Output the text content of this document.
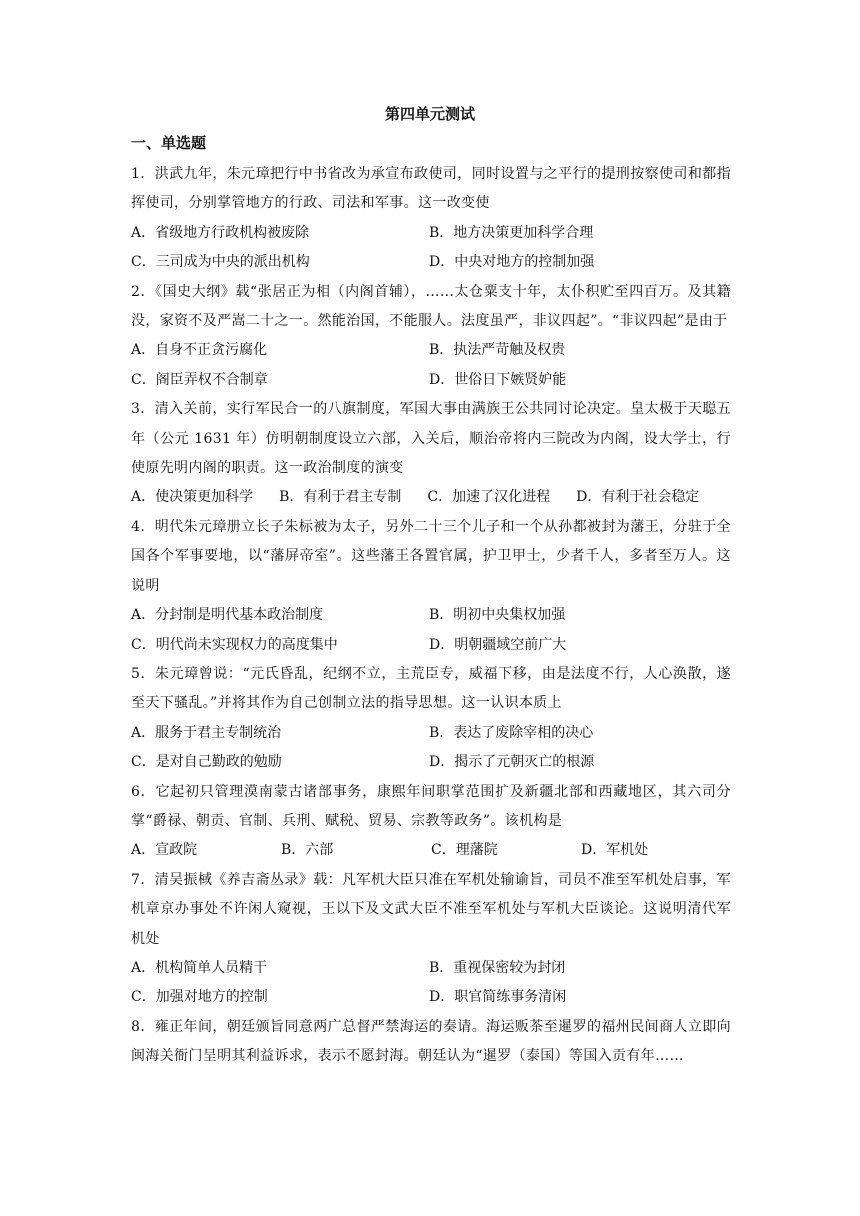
第四单元测试
一、单选题

1．洪武九年，朱元璋把行中书省改为承宣布政使司，同时设置与之平行的提刑按察使司和都指挥使司，分别掌管地方的行政、司法和军事。这一改变使

A．省级地方行政机构被废除	B．地方决策更加科学合理
C．三司成为中央的派出机构	D．中央对地方的控制加强

2．《国史大纲》载“张居正为相（内阁首辅），……太仓粟支十年，太仆积贮至四百万。及其籍没，家资不及严嵩二十之一。然能治国，不能服人。法度虽严，非议四起”。“非议四起”是由于

A．自身不正贪污腐化	B．执法严苛触及权贵
C．阁臣弄权不合制章	D．世俗日下嫉贤妒能

3．清入关前，实行军民合一的八旗制度，军国大事由满族王公共同讨论决定。皇太极于天聪五年（公元 1631 年）仿明朝制度设立六部，入关后，顺治帝将内三院改为内阁，设大学士，行使原先明内阁的职责。这一政治制度的演变

A．使决策更加科学 B．有利于君主专制 C．加速了汉化进程 D．有利于社会稳定

4．明代朱元璋册立长子朱标被为太子，另外二十三个儿子和一个从孙都被封为藩王，分驻于全国各个军事要地，以“藩屏帝室”。这些藩王各置官属，护卫甲士，少者千人，多者至万人。这说明

A．分封制是明代基本政治制度	B．明初中央集权加强
C．明代尚未实现权力的高度集中	D．明朝疆域空前广大

5．朱元璋曾说：“元氏昏乱，纪纲不立，主荒臣专，威福下移，由是法度不行，人心涣散，遂至天下骚乱。”并将其作为自己创制立法的指导思想。这一认识本质上

A．服务于君主专制统治	B．表达了废除宰相的决心
C．是对自己勤政的勉励	D．揭示了元朝灭亡的根源

6．它起初只管理漠南蒙古诸部事务，康熙年间职掌范围扩及新疆北部和西藏地区，其六司分掌“爵禄、朝贡、官制、兵刑、赋税、贸易、宗教等政务”。该机构是

A．宣政院	B．六部	C．理藩院	D．军机处

7．清吴振棫《养吉斋丛录》载：凡军机大臣只准在军机处输谕旨，司员不准至军机处启事，军机章京办事处不许闲人窥视，王以下及文武大臣不准至军机处与军机大臣谈论。这说明清代军机处

A．机构简单人员精干	B．重视保密较为封闭
C．加强对地方的控制	D．职官简练事务清闲

8．雍正年间，朝廷颁旨同意两广总督严禁海运的奏请。海运贩茶至暹罗的福州民间商人立即向闽海关衙门呈明其利益诉求，表示不愿封海。朝廷认为“暹罗（泰国）等国入贡有年……
